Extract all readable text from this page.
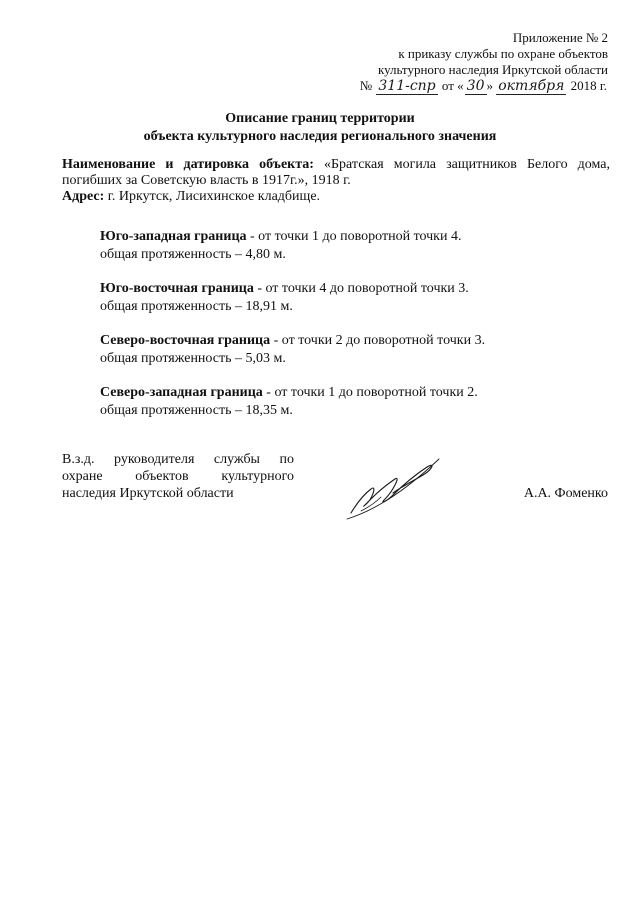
Приложение № 2
к приказу службы по охране объектов
культурного наследия Иркутской области
№ 311-спр от « 30 » октября 2018 г.
Описание границ территории
объекта культурного наследия регионального значения

Наименование и датировка объекта: «Братская могила защитников Белого дома, погибших за Советскую власть в 1917г.», 1918 г.

Адрес: г. Иркутск, Лисихинское кладбище.

Юго-западная граница - от точки 1 до поворотной точки 4.
общая протяженность – 4,80 м.
Юго-восточная граница - от точки 4 до поворотной точки 3.
общая протяженность – 18,91 м.
Северо-восточная граница - от точки 2 до поворотной точки 3.
общая протяженность – 5,03 м.
Северо-западная граница - от точки 1 до поворотной точки 2.
общая протяженность – 18,35 м.
В.з.д. руководителя службы по
охране объектов культурного
наследия Иркутской области	А.А. Фоменко
